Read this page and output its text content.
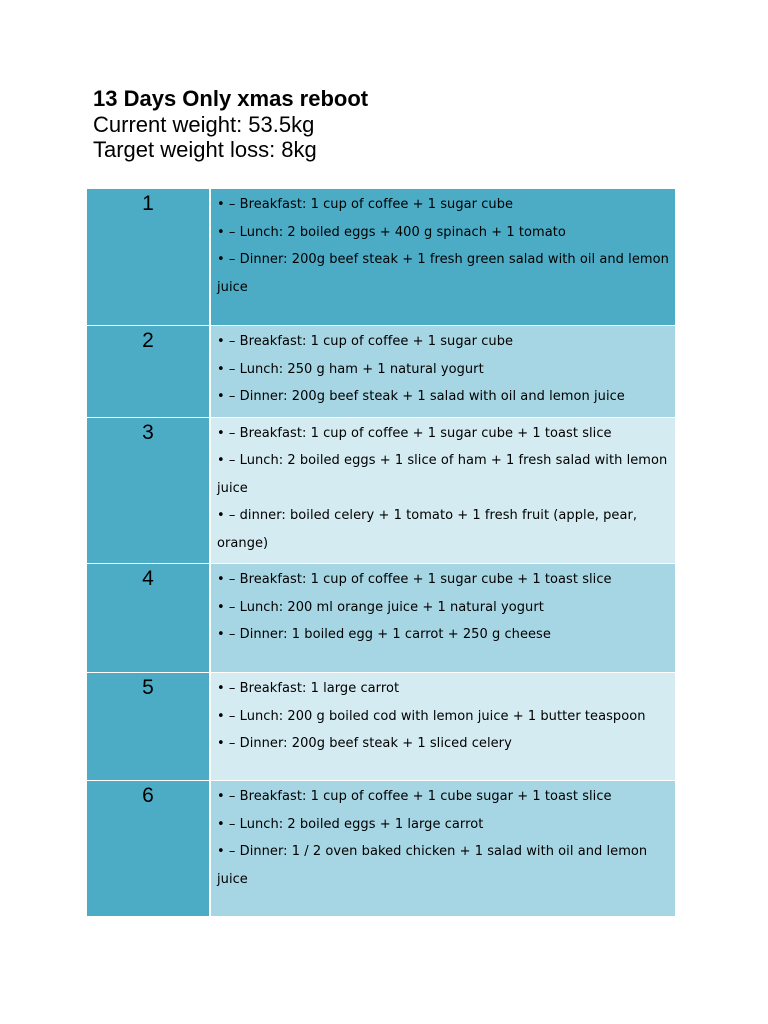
13 Days Only xmas reboot

Current weight: 53.5kg

Target weight loss: 8kg

1	• – Breakfast: 1 cup of coffee + 1 sugar cube

• – Lunch: 2 boiled eggs + 400 g spinach + 1 tomato

• – Dinner: 200g beef steak + 1 fresh green salad with oil and lemon juice

2	• – Breakfast: 1 cup of coffee + 1 sugar cube

• – Lunch: 250 g ham + 1 natural yogurt

• – Dinner: 200g beef steak + 1 salad with oil and lemon juice

3	• – Breakfast: 1 cup of coffee + 1 sugar cube + 1 toast slice

• – Lunch: 2 boiled eggs + 1 slice of ham + 1 fresh salad with lemon juice

• – dinner: boiled celery + 1 tomato + 1 fresh fruit (apple, pear, orange)

4	• – Breakfast: 1 cup of coffee + 1 sugar cube + 1 toast slice

• – Lunch: 200 ml orange juice + 1 natural yogurt

• – Dinner: 1 boiled egg + 1 carrot + 250 g cheese

5	• – Breakfast: 1 large carrot

• – Lunch: 200 g boiled cod with lemon juice + 1 butter teaspoon

• – Dinner: 200g beef steak + 1 sliced celery

6	• – Breakfast: 1 cup of coffee + 1 cube sugar + 1 toast slice

• – Lunch: 2 boiled eggs + 1 large carrot

• – Dinner: 1 / 2 oven baked chicken + 1 salad with oil and lemon juice
